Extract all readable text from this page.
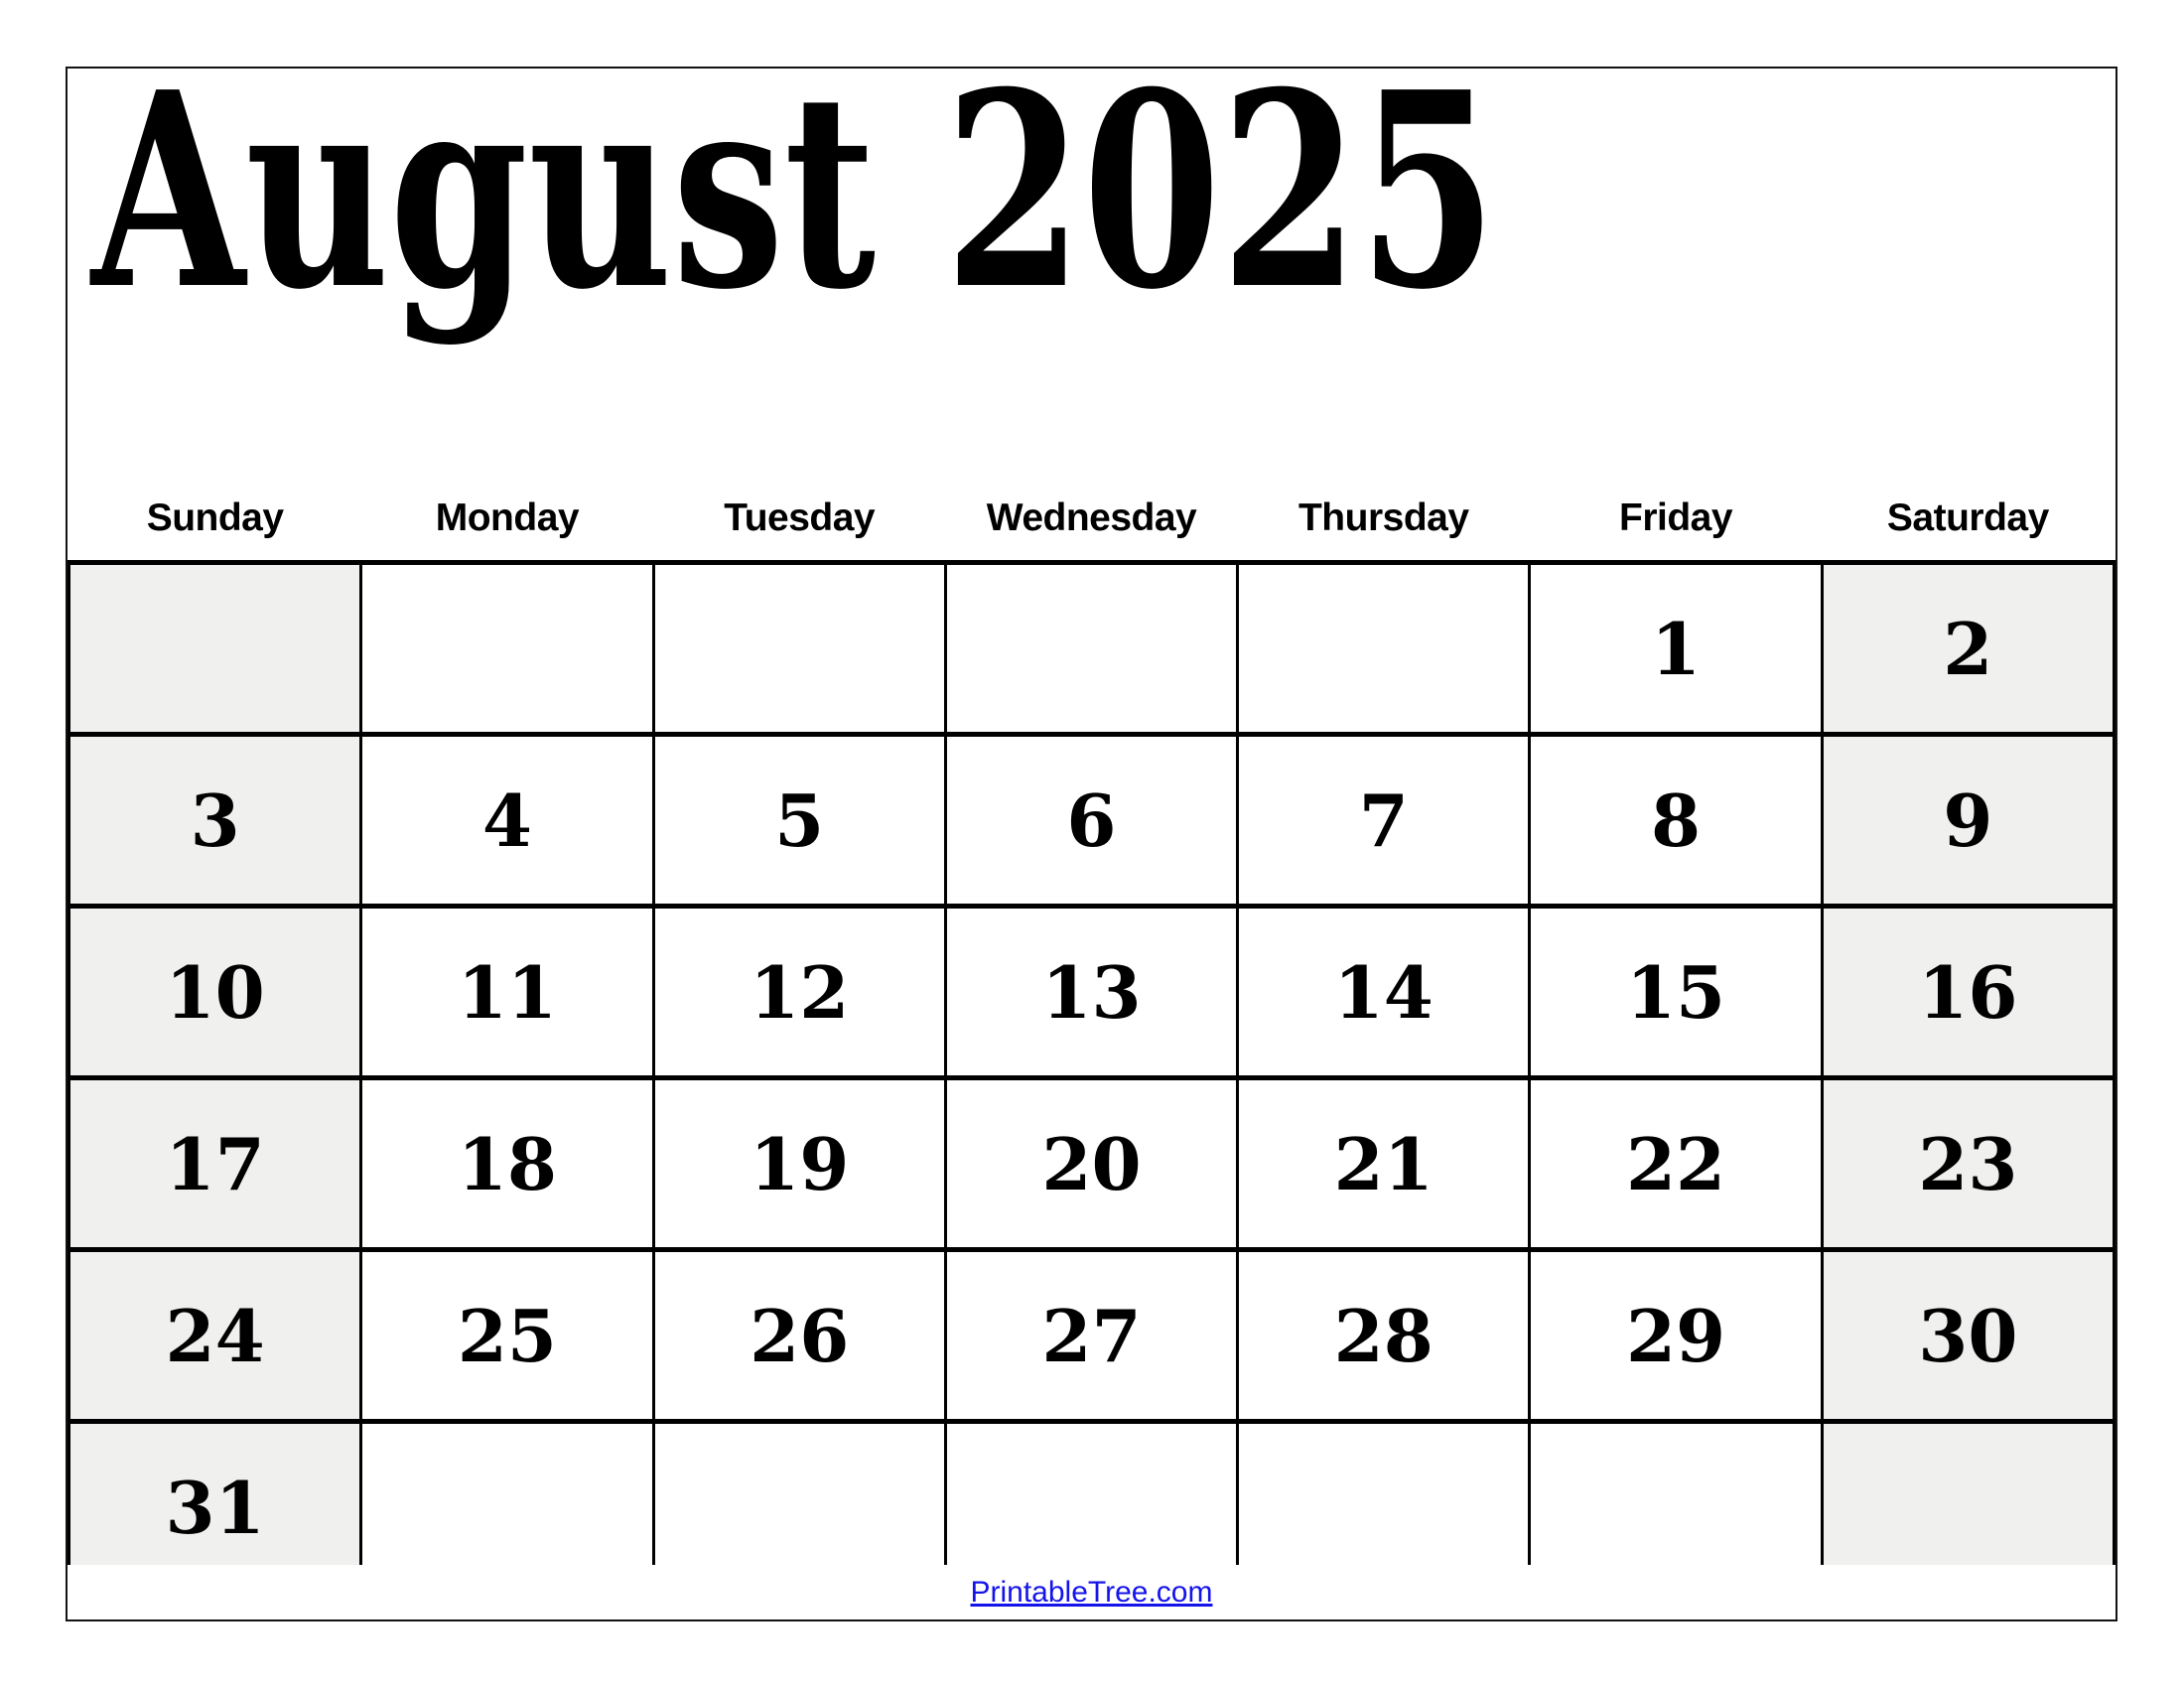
August 2025
Sunday	Monday	Tuesday	Wednesday	Thursday	Friday	Saturday
					1	2
3	4	5	6	7	8	9
10	11	12	13	14	15	16
17	18	19	20	21	22	23
24	25	26	27	28	29	30
31						
PrintableTree.com
